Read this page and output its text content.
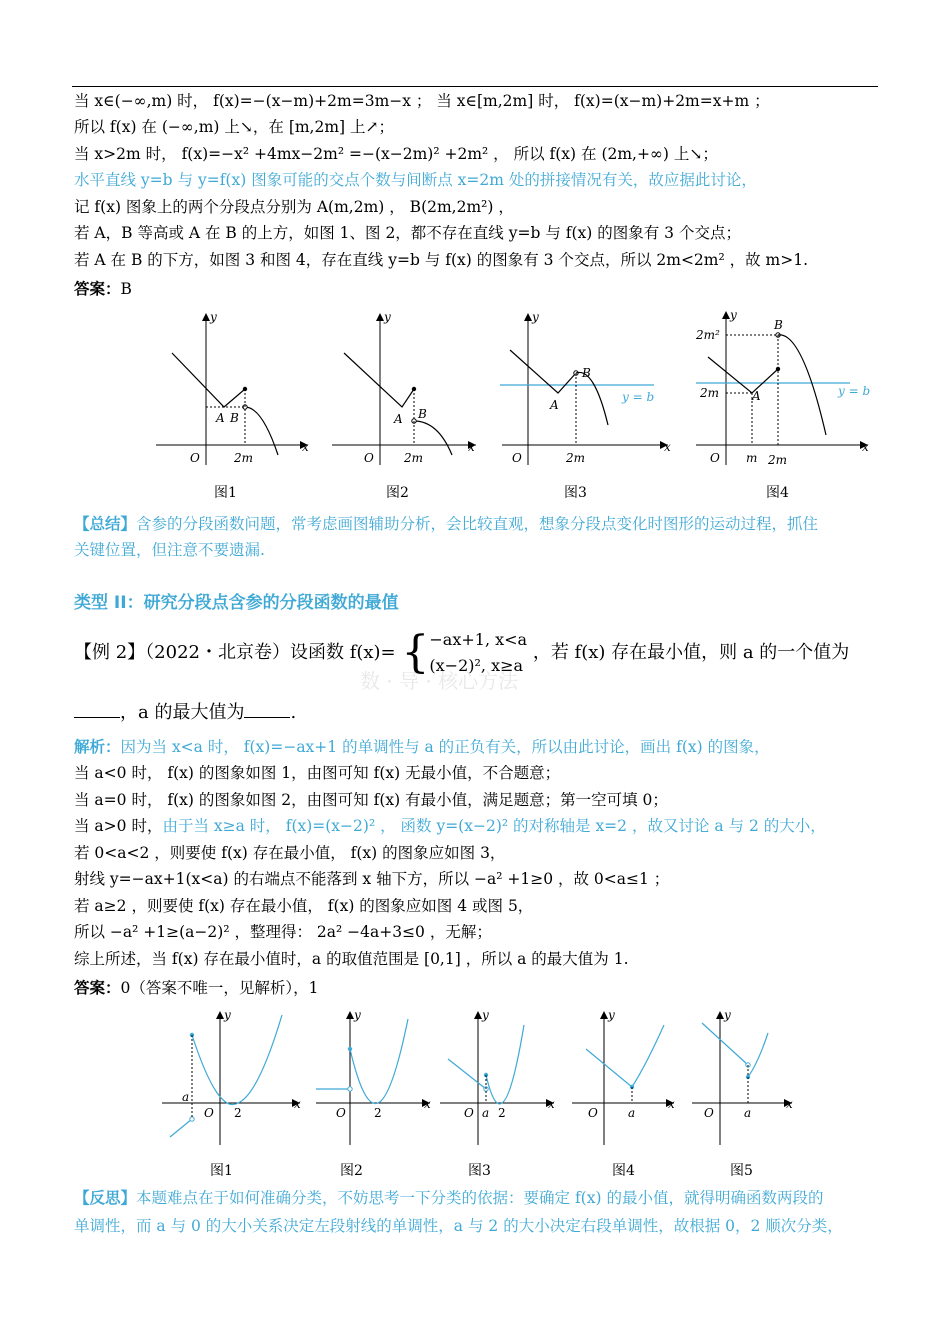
当 x∈(−∞,m) 时， f(x)=−(x−m)+2m=3m−x ； 当 x∈[m,2m] 时， f(x)=(x−m)+2m=x+m ；
所以 f(x) 在 (−∞,m) 上↘，在 [m,2m] 上↗；
当 x>2m 时， f(x)=−x² +4mx−2m² =−(x−2m)² +2m² ， 所以 f(x) 在 (2m,+∞) 上↘；
水平直线 y=b 与 y=f(x) 图象可能的交点个数与间断点 x=2m 处的拼接情况有关，故应据此讨论，
记 f(x) 图象上的两个分段点分别为 A(m,2m) ， B(2m,2m²) ，
若 A，B 等高或 A 在 B 的上方，如图 1、图 2，都不存在直线 y=b 与 f(x) 的图象有 3 个交点；
若 A 在 B 的下方，如图 3 和图 4，存在直线 y=b 与 f(x) 的图象有 3 个交点，所以 2m<2m² ，故 m>1.
答案：B
y
x
O	2m
A B
图1
y
x
O	2m
A B
图2
y
x
O	2m
A
B
y = b
图3
y
x
O m 2m
A
B
2m²
2m	y = b
图4
【总结】含参的分段函数问题，常考虑画图辅助分析，会比较直观，想象分段点变化时图形的运动过程，抓住
关键位置，但注意不要遗漏.
类型 II：研究分段点含参的分段函数的最值
【例 2】（2022・北京卷）设函数 f(x)= {−ax+1, x<a
(x−2)², x≥a ，若 f(x) 存在最小值，则 a 的一个值为
数 · 导 · 核心方法
，a 的最大值为	.
解析：因为当 x<a 时， f(x)=−ax+1 的单调性与 a 的正负有关，所以由此讨论，画出 f(x) 的图象，
当 a<0 时， f(x) 的图象如图 1，由图可知 f(x) 无最小值，不合题意；
当 a=0 时， f(x) 的图象如图 2，由图可知 f(x) 有最小值，满足题意；第一空可填 0；
当 a>0 时，由于当 x≥a 时， f(x)=(x−2)² ， 函数 y=(x−2)² 的对称轴是 x=2 ，故又讨论 a 与 2 的大小，
若 0<a<2 ，则要使 f(x) 存在最小值， f(x) 的图象应如图 3，
射线 y=−ax+1(x<a) 的右端点不能落到 x 轴下方，所以 −a² +1≥0 ，故 0<a≤1 ；
若 a≥2 ，则要使 f(x) 存在最小值， f(x) 的图象应如图 4 或图 5，
所以 −a² +1≥(a−2)² ，整理得： 2a² −4a+3≤0 ，无解；
综上所述，当 f(x) 存在最小值时，a 的取值范围是 [0,1] ，所以 a 的最大值为 1.
答案：0（答案不唯一，见解析），1
y
x
O 2
a
图1
y
x
O 2
图2
y
x
O a 2
图3
y
x
O	a
图4
y
x
O	a
图5
【反思】本题难点在于如何准确分类，不妨思考一下分类的依据：要确定 f(x) 的最小值，就得明确函数两段的
单调性，而 a 与 0 的大小关系决定左段射线的单调性，a 与 2 的大小决定右段单调性，故根据 0，2 顺次分类，
